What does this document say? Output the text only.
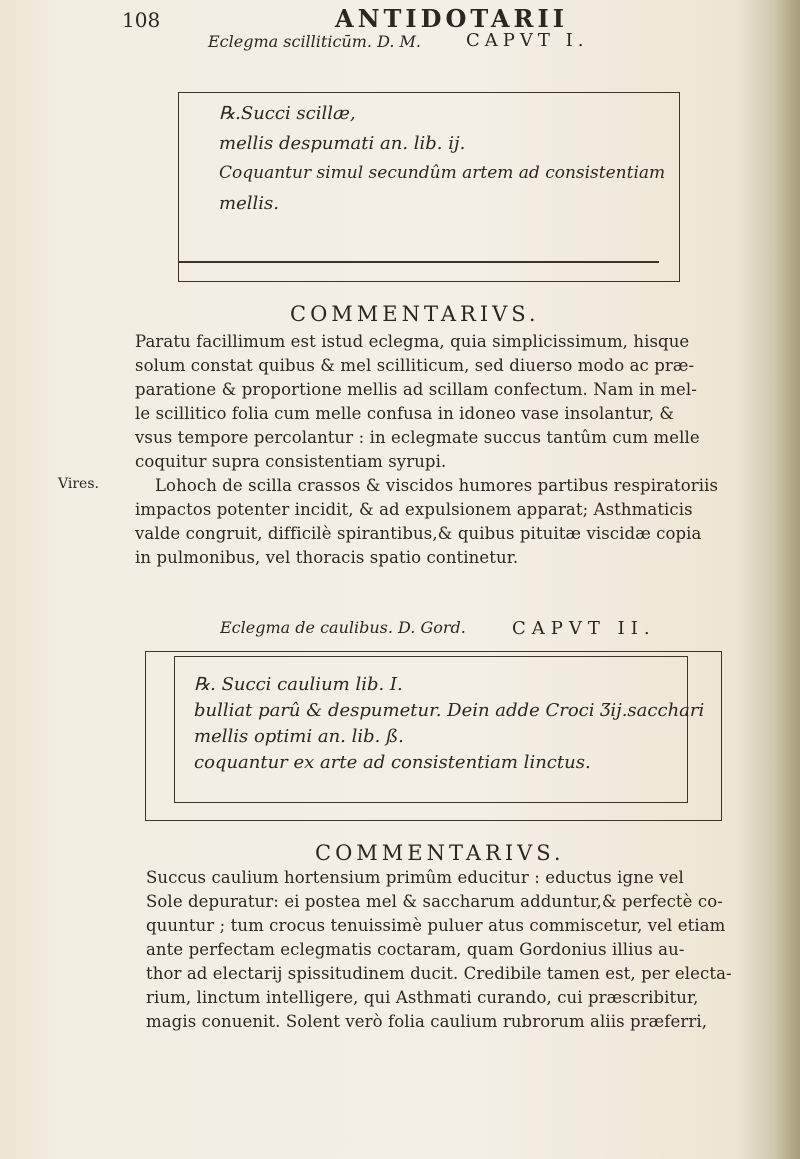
108	ANTIDOTARII
Eclegma scilliticūm. D. M.	CAPVT I.
℞.Succi scillæ,
mellis despumati an. lib. ij.
Coquantur simul secundûm artem ad consistentiam
mellis.
COMMENTARIVS.
Paratu facillimum est istud eclegma, quia simplicissimum, hisque
solum constat quibus & mel scilliticum, sed diuerso modo ac præ-
paratione & proportione mellis ad scillam confectum. Nam in mel-
le scillitico folia cum melle confusa in idoneo vase insolantur, &
vsus tempore percolantur : in eclegmate succus tantûm cum melle
coquitur supra consistentiam syrupi.
Lohoch de scilla crassos & viscidos humores partibus respiratoriis
impactos potenter incidit, & ad expulsionem apparat; Asthmaticis
valde congruit, difficilè spirantibus,& quibus pituitæ viscidæ copia
in pulmonibus, vel thoracis spatio continetur.
Vires.
Eclegma de caulibus. D. Gord.	CAPVT II.
℞. Succi caulium lib. I.
bulliat parû & despumetur. Dein adde Croci Ʒij.sacchari
mellis optimi an. lib. ß.
coquantur ex arte ad consistentiam linctus.
COMMENTARIVS.
Succus caulium hortensium primûm educitur : eductus igne vel
Sole depuratur: ei postea mel & saccharum adduntur,& perfectè co-
quuntur ; tum crocus tenuissimè puluer atus commiscetur, vel etiam
ante perfectam eclegmatis coctaram, quam Gordonius illius au-
thor ad electarij spissitudinem ducit. Credibile tamen est, per electa-
rium, linctum intelligere, qui Asthmati curando, cui præscribitur,
magis conuenit. Solent verò folia caulium rubrorum aliis præferri,
